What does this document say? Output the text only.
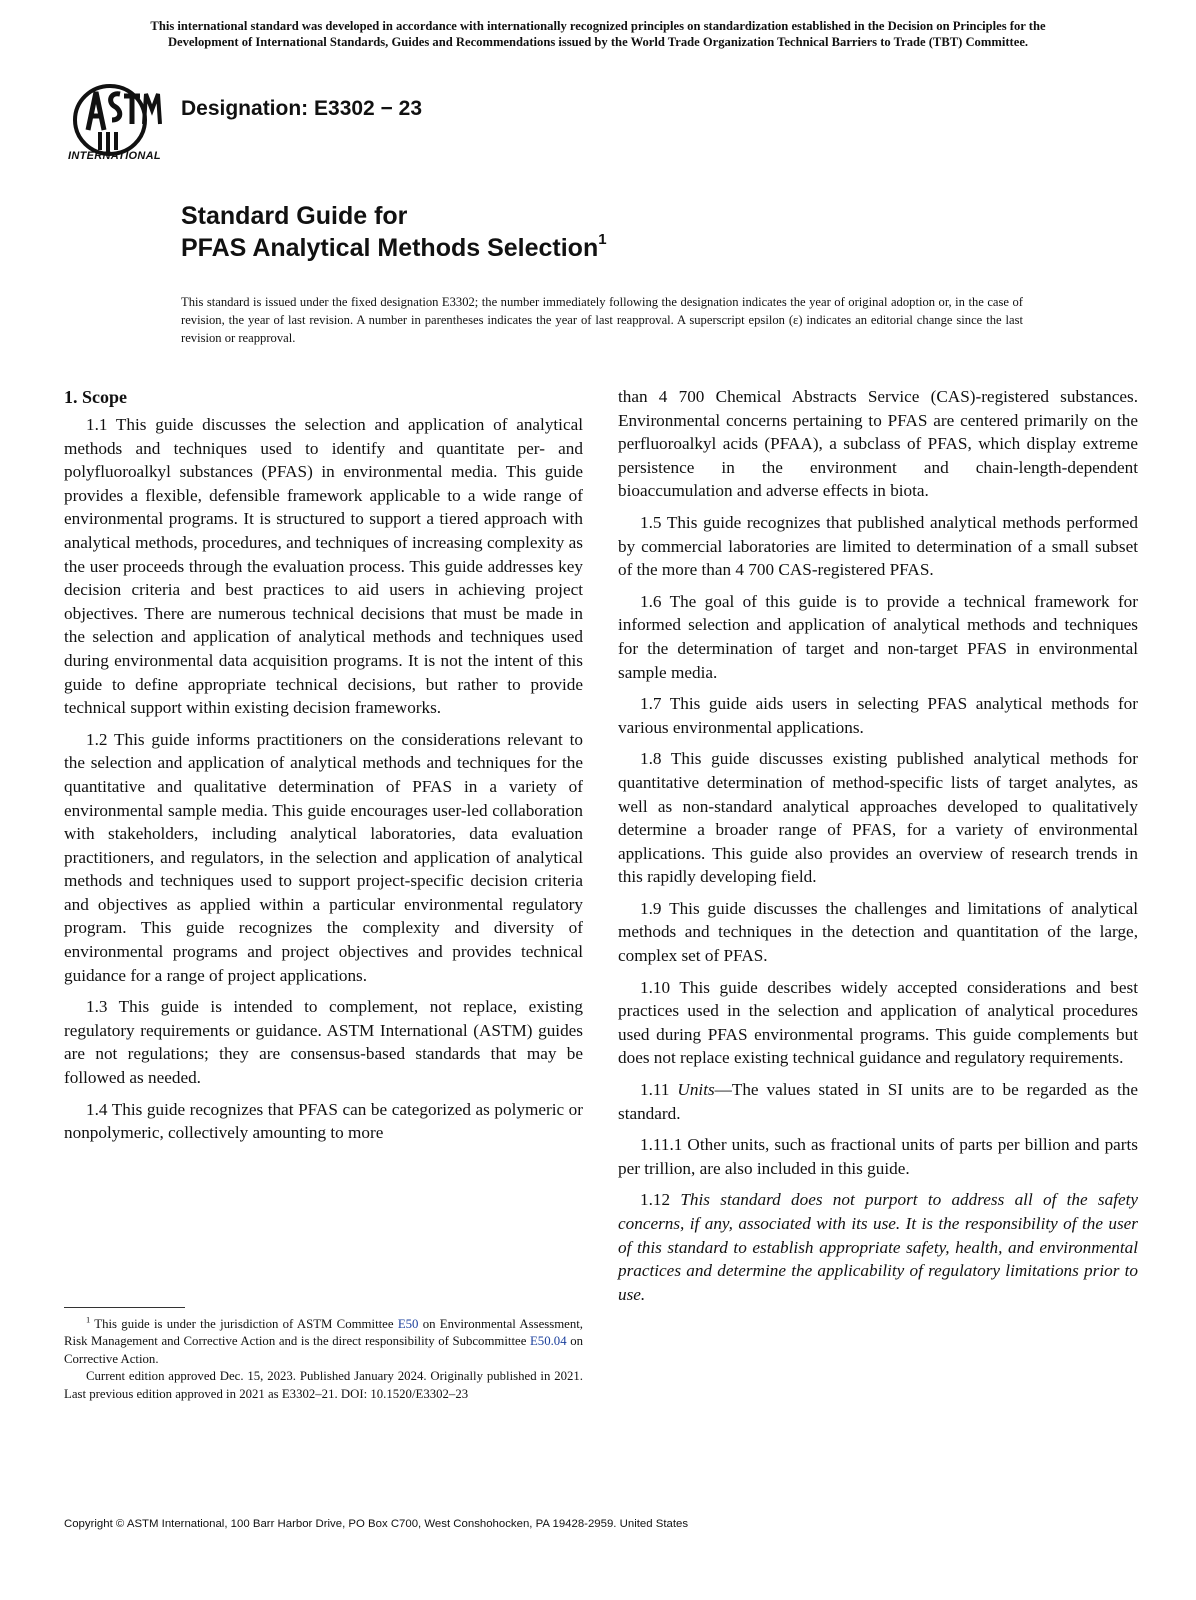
This international standard was developed in accordance with internationally recognized principles on standardization established in the Decision on Principles for the
Development of International Standards, Guides and Recommendations issued by the World Trade Organization Technical Barriers to Trade (TBT) Committee.
INTERNATIONAL
Designation: E3302 − 23
Standard Guide for
PFAS Analytical Methods Selection$^1$
This standard is issued under the fixed designation E3302; the number immediately following the designation indicates the year of original adoption or, in the case of revision, the year of last revision. A number in parentheses indicates the year of last reapproval. A superscript epsilon (ε) indicates an editorial change since the last revision or reapproval.
1. Scope

1.1 This guide discusses the selection and application of analytical methods and techniques used to identify and quantitate per- and polyfluoroalkyl substances (PFAS) in environmental media. This guide provides a flexible, defensible framework applicable to a wide range of environmental programs. It is structured to support a tiered approach with analytical methods, procedures, and techniques of increasing complexity as the user proceeds through the evaluation process. This guide addresses key decision criteria and best practices to aid users in achieving project objectives. There are numerous technical decisions that must be made in the selection and application of analytical methods and techniques used during environmental data acquisition programs. It is not the intent of this guide to define appropriate technical decisions, but rather to provide technical support within existing decision frameworks.

1.2 This guide informs practitioners on the considerations relevant to the selection and application of analytical methods and techniques for the quantitative and qualitative determination of PFAS in a variety of environmental sample media. This guide encourages user-led collaboration with stakeholders, including analytical laboratories, data evaluation practitioners, and regulators, in the selection and application of analytical methods and techniques used to support project-specific decision criteria and objectives as applied within a particular environmental regulatory program. This guide recognizes the complexity and diversity of environmental programs and project objectives and provides technical guidance for a range of project applications.

1.3 This guide is intended to complement, not replace, existing regulatory requirements or guidance. ASTM International (ASTM) guides are not regulations; they are consensus-based standards that may be followed as needed.

1.4 This guide recognizes that PFAS can be categorized as polymeric or nonpolymeric, collectively amounting to more

than 4 700 Chemical Abstracts Service (CAS)-registered substances. Environmental concerns pertaining to PFAS are centered primarily on the perfluoroalkyl acids (PFAA), a subclass of PFAS, which display extreme persistence in the environment and chain-length-dependent bioaccumulation and adverse effects in biota.

1.5 This guide recognizes that published analytical methods performed by commercial laboratories are limited to determination of a small subset of the more than 4 700 CAS-registered PFAS.

1.6 The goal of this guide is to provide a technical framework for informed selection and application of analytical methods and techniques for the determination of target and non-target PFAS in environmental sample media.

1.7 This guide aids users in selecting PFAS analytical methods for various environmental applications.

1.8 This guide discusses existing published analytical methods for quantitative determination of method-specific lists of target analytes, as well as non-standard analytical approaches developed to qualitatively determine a broader range of PFAS, for a variety of environmental applications. This guide also provides an overview of research trends in this rapidly developing field.

1.9 This guide discusses the challenges and limitations of analytical methods and techniques in the detection and quantitation of the large, complex set of PFAS.

1.10 This guide describes widely accepted considerations and best practices used in the selection and application of analytical procedures used during PFAS environmental programs. This guide complements but does not replace existing technical guidance and regulatory requirements.

1.11 Units—The values stated in SI units are to be regarded as the standard.

1.11.1 Other units, such as fractional units of parts per billion and parts per trillion, are also included in this guide.

1.12 This standard does not purport to address all of the safety concerns, if any, associated with its use. It is the responsibility of the user of this standard to establish appropriate safety, health, and environmental practices and determine the applicability of regulatory limitations prior to use.

$^1$ This guide is under the jurisdiction of ASTM Committee E50 on Environmental Assessment, Risk Management and Corrective Action and is the direct responsibility of Subcommittee E50.04 on Corrective Action.

Current edition approved Dec. 15, 2023. Published January 2024. Originally published in 2021. Last previous edition approved in 2021 as E3302–21. DOI: 10.1520/E3302–23

Copyright © ASTM International, 100 Barr Harbor Drive, PO Box C700, West Conshohocken, PA 19428-2959. United States
